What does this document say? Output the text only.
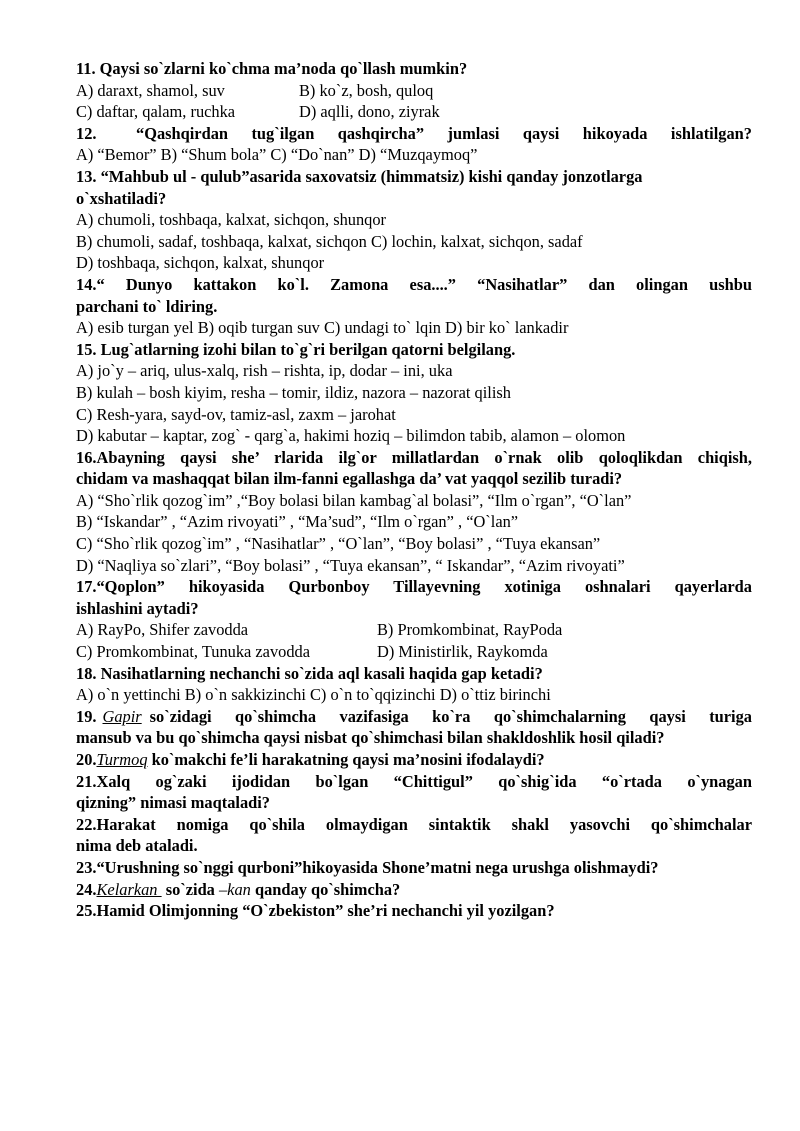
11. Qaysi so`zlarni ko`chma ma’noda qo`llash mumkin?
A) daraxt, shamol, suv	B) ko`z, bosh, quloq
C) daftar, qalam, ruchka	D) aqlli, dono, ziyrak
12.	“Qashqirdan tug`ilgan qashqircha” jumlasi qaysi hikoyada ishlatilgan?
A) “Bemor” B) “Shum bola” C) “Do`nan” D) “Muzqaymoq”
13. “Mahbub ul - qulub”asarida saxovatsiz (himmatsiz) kishi qanday jonzotlarga
o`xshatiladi?
A) chumoli, toshbaqa, kalxat, sichqon, shunqor
B) chumoli, sadaf, toshbaqa, kalxat, sichqon C) lochin, kalxat, sichqon, sadaf
D) toshbaqa, sichqon, kalxat, shunqor
14.“ Dunyo kattakon ko`l. Zamona esa....” “Nasihatlar” dan olingan ushbu
parchani to` ldiring.
A) esib turgan yel B) oqib turgan suv C) undagi to` lqin D) bir ko` lankadir
15. Lug`atlarning izohi bilan to`g`ri berilgan qatorni belgilang.
A) jo`y – ariq, ulus-xalq, rish – rishta, ip, dodar – ini, uka
B) kulah – bosh kiyim, resha – tomir, ildiz, nazora – nazorat qilish
C) Resh-yara, sayd-ov, tamiz-asl, zaxm – jarohat
D) kabutar – kaptar, zog` - qarg`a, hakimi hoziq – bilimdon tabib, alamon – olomon
16.Abayning qaysi she’ rlarida ilg`or millatlardan o`rnak olib qoloqlikdan chiqish,
chidam va mashaqqat bilan ilm-fanni egallashga da’ vat yaqqol sezilib turadi?
A) “Sho`rlik qozog`im” ,“Boy bolasi bilan kambag`al bolasi”, “Ilm o`rgan”, “O`lan”
B) “Iskandar” , “Azim rivoyati” , “Ma’sud”, “Ilm o`rgan” , “O`lan”
C) “Sho`rlik qozog`im” , “Nasihatlar” , “O`lan”, “Boy bolasi” , “Tuya ekansan”
D) “Naqliya so`zlari”, “Boy bolasi” , “Tuya ekansan”, “ Iskandar”, “Azim rivoyati”
17.“Qoplon” hikoyasida Qurbonboy Tillayevning xotiniga oshnalari qayerlarda
ishlashini aytadi?
A) RayPo, Shifer zavodda	B) Promkombinat, RayPoda
C) Promkombinat, Tunuka zavodda	D) Ministirlik, Raykomda
18. Nasihatlarning nechanchi so`zida aql kasali haqida gap ketadi?
A) o`n yettinchi B) o`n sakkizinchi C) o`n to`qqizinchi D) o`ttiz birinchi
19. Gapir so`zidagi qo`shimcha vazifasiga ko`ra qo`shimchalarning qaysi turiga
mansub va bu qo`shimcha qaysi nisbat qo`shimchasi bilan shakldoshlik hosil qiladi?
20.Turmoq ko`makchi fe’li harakatning qaysi ma’nosini ifodalaydi?
21.Xalq og`zaki ijodidan bo`lgan “Chittigul” qo`shig`ida “o`rtada o`ynagan
qizning” nimasi maqtaladi?
22.Harakat nomiga qo`shila olmaydigan sintaktik shakl yasovchi qo`shimchalar
nima deb ataladi.
23.“Urushning so`nggi qurboni”hikoyasida Shone’matni nega urushga olishmaydi?
24.Kelarkan  so`zida –kan qanday qo`shimcha?
25.Hamid Olimjonning “O`zbekiston” she’ri nechanchi yil yozilgan?
